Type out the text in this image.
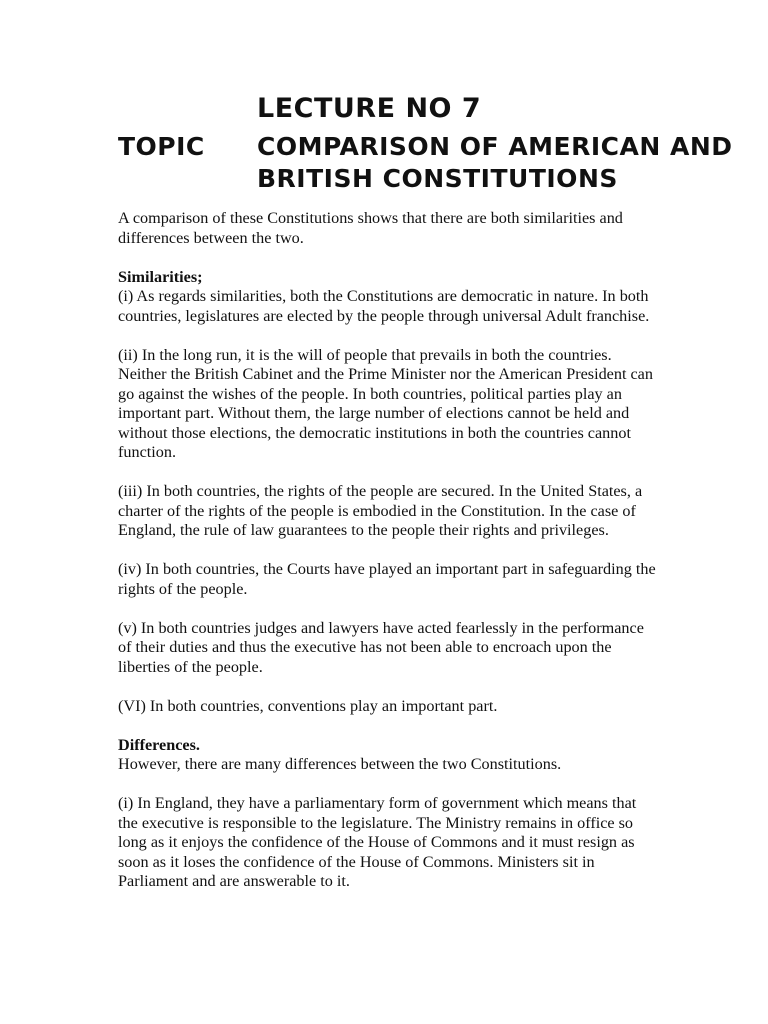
LECTURE NO 7
TOPIC COMPARISON OF AMERICAN AND
BRITISH CONSTITUTIONS

A comparison of these Constitutions shows that there are both similarities and differences between the two.

Similarities;
(i) As regards similarities, both the Constitutions are democratic in nature. In both countries, legislatures are elected by the people through universal Adult franchise.

(ii) In the long run, it is the will of people that prevails in both the countries. Neither the British Cabinet and the Prime Minister nor the American President can go against the wishes of the people. In both countries, political parties play an important part. Without them, the large number of elections cannot be held and without those elections, the democratic institutions in both the countries cannot function.

(iii) In both countries, the rights of the people are secured. In the United States, a charter of the rights of the people is embodied in the Constitution. In the case of England, the rule of law guarantees to the people their rights and privileges.

(iv) In both countries, the Courts have played an important part in safeguarding the rights of the people.

(v) In both countries judges and lawyers have acted fearlessly in the performance of their duties and thus the executive has not been able to encroach upon the liberties of the people.

(VI) In both countries, conventions play an important part.

Differences.
However, there are many differences between the two Constitutions.

(i) In England, they have a parliamentary form of government which means that the executive is responsible to the legislature. The Ministry remains in office so long as it enjoys the confidence of the House of Commons and it must resign as soon as it loses the confidence of the House of Commons. Ministers sit in Parliament and are answerable to it.
